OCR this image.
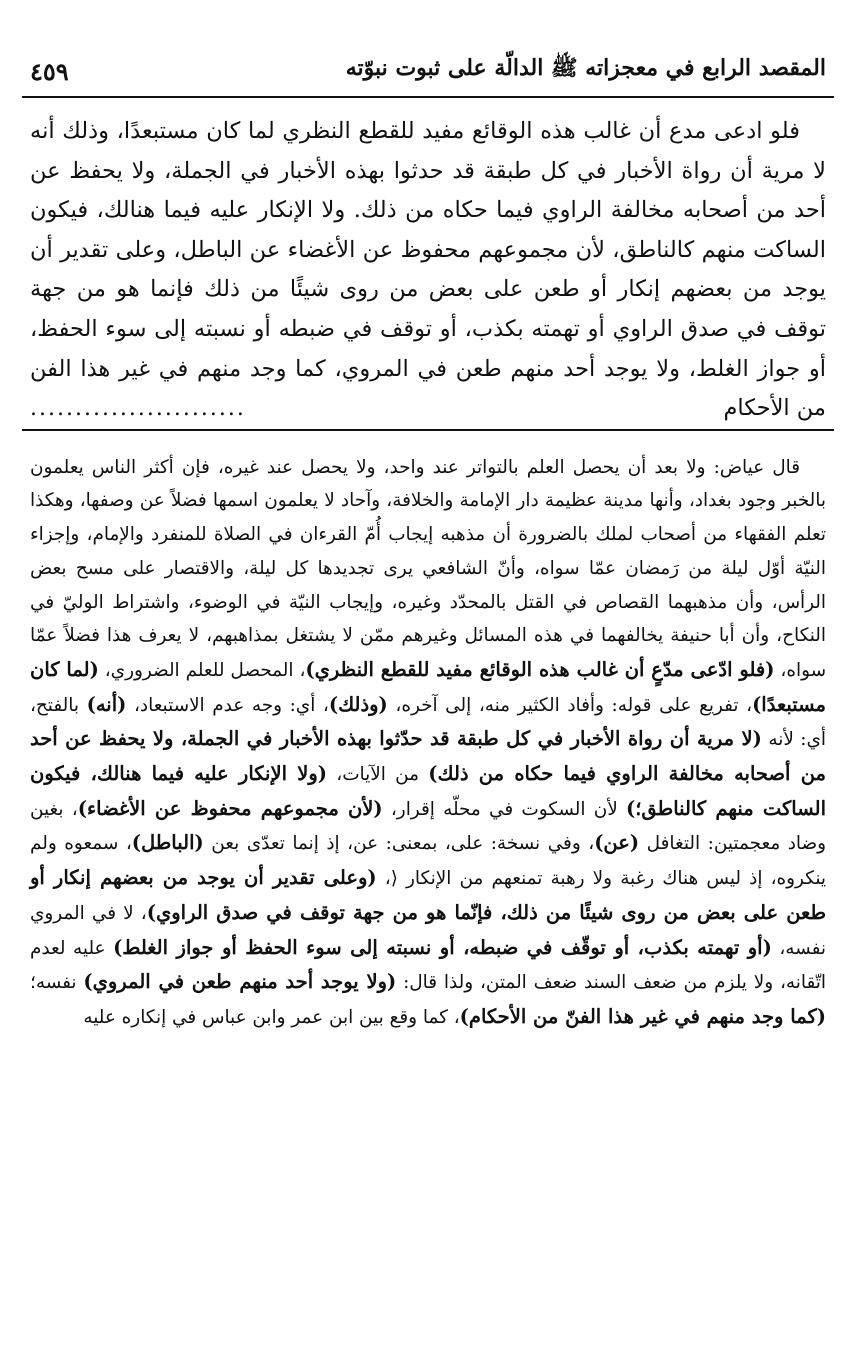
المقصد الرابع في معجزاته ﷺ الدالّة على ثبوت نبوّته
٤٥٩

فلو ادعى مدع أن غالب هذه الوقائع مفيد للقطع النظري لما كان مستبعدًا، وذلك أنه لا مرية أن رواة الأخبار في كل طبقة قد حدثوا بهذه الأخبار في الجملة، ولا يحفظ عن أحد من أصحابه مخالفة الراوي فيما حكاه من ذلك. ولا الإنكار عليه فيما هنالك، فيكون الساكت منهم كالناطق، لأن مجموعهم محفوظ عن الأغضاء عن الباطل، وعلى تقدير أن يوجد من بعضهم إنكار أو طعن على بعض من روى شيئًا من ذلك فإنما هو من جهة توقف في صدق الراوي أو تهمته بكذب، أو توقف في ضبطه أو نسبته إلى سوء الحفظ، أو جواز الغلط، ولا يوجد أحد منهم طعن في المروي، كما وجد منهم في غير هذا الفن من الأحكام

........................

قال عياض: ولا بعد أن يحصل العلم بالتواتر عند واحد، ولا يحصل عند غيره، فإن أكثر الناس يعلمون بالخبر وجود بغداد، وأنها مدينة عظيمة دار الإمامة والخلافة، وآحاد لا يعلمون اسمها فضلاً عن وصفها، وهكذا تعلم الفقهاء من أصحاب لملك بالضرورة أن مذهبه إيجاب أُمّ القرءان في الصلاة للمنفرد والإمام، وإجزاء النيّة أوّل ليلة من رَمضان عمّا سواه، وأنّ الشافعي يرى تجديدها كل ليلة، والاقتصار على مسح بعض الرأس، وأن مذهبهما القصاص في القتل بالمحدّد وغيره، وإيجاب النيّة في الوضوء، واشتراط الوليّ في النكاح، وأن أبا حنيفة يخالفهما في هذه المسائل وغيرهم ممّن لا يشتغل بمذاهبهم، لا يعرف هذا فضلاً عمّا سواه، (فلو ادّعى مدّعٍ أن غالب هذه الوقائع مفيد للقطع النظري)، المحصل للعلم الضروري، (لما كان مستبعدًا)، تفريع على قوله: وأفاد الكثير منه، إلى آخره، (وذلك)، أي: وجه عدم الاستبعاد، (أنه) بالفتح، أي: لأنه (لا مرية أن رواة الأخبار في كل طبقة قد حدّثوا بهذه الأخبار في الجملة، ولا يحفظ عن أحد من أصحابه مخالفة الراوي فيما حكاه من ذلك) من الآيات، (ولا الإنكار عليه فيما هنالك، فيكون الساكت منهم كالناطق؛) لأن السكوت في محلّه إقرار، (لأن مجموعهم محفوظ عن الأغضاء)، بغين وضاد معجمتين: التغافل (عن)، وفي نسخة: على، بمعنى: عن، إذ إنما تعدّى بعن (الباطل)، سمعوه ولم ينكروه، إذ ليس هناك رغبة ولا رهبة تمنعهم من الإنكار ⟨، (وعلى تقدير أن يوجد من بعضهم إنكار أو طعن على بعض من روى شيئًا من ذلك، فإنّما هو من جهة توقف في صدق الراوي)، لا في المروي نفسه، (أو تهمته بكذب، أو توقّف في ضبطه، أو نسبته إلى سوء الحفظ أو جواز الغلط) عليه لعدم اتّقانه، ولا يلزم من ضعف السند ضعف المتن، ولذا قال: (ولا يوجد أحد منهم طعن في المروي) نفسه؛ (كما وجد منهم في غير هذا الفنّ من الأحكام)، كما وقع بين ابن عمر وابن عباس في إنكاره عليه
